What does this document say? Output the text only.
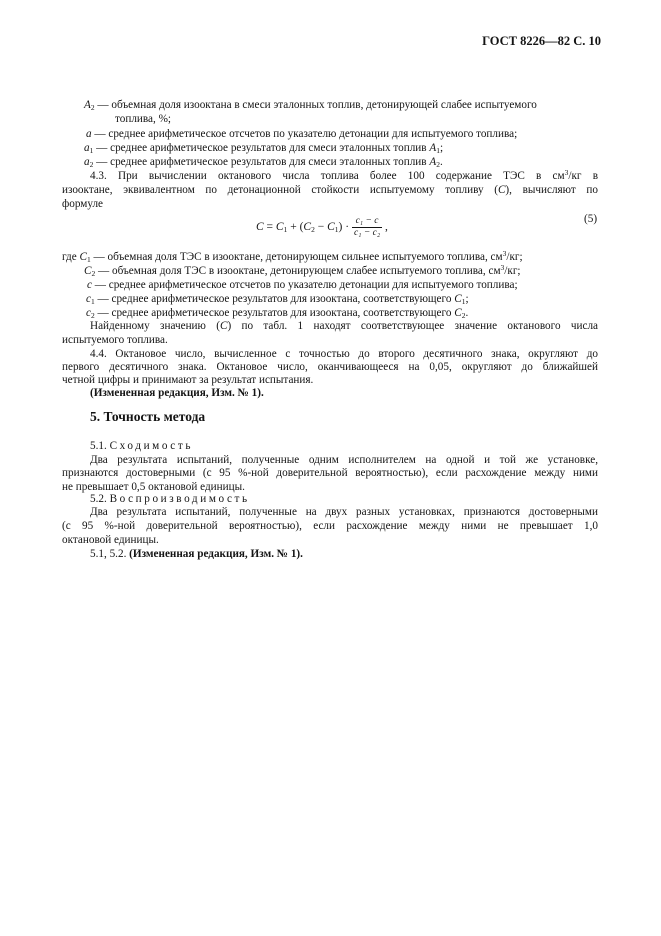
ГОСТ 8226—82 С. 10
$A_2$ — объемная доля изооктана в смеси эталонных топлив, детонирующей слабее испытуемого
топлива, %;
a — среднее арифметическое отсчетов по указателю детонации для испытуемого топлива;
$a_1$ — среднее арифметическое результатов для смеси эталонных топлив $A_1$;
$a_2$ — среднее арифметическое результатов для смеси эталонных топлив $A_2$.
4.3. При вычислении октанового числа топлива более 100 содержание ТЭС в $см^3/кг$ в
изооктане, эквивалентном по детонационной стойкости испытуемому топливу (С), вычисляют по
формуле
$C = C_1 + (C_2 - C_1) \cdot \frac{\text{c₁ − c}}{\text{c₁ − c₂}}$ ,
(5)
где $C_1$ — объемная доля ТЭС в изооктане, детонирующем сильнее испытуемого топлива, $см^3/кг$;
$C_2$ — объемная доля ТЭС в изооктане, детонирующем слабее испытуемого топлива, $см^3/кг$;
c — среднее арифметическое отсчетов по указателю детонации для испытуемого топлива;
$c_1$ — среднее арифметическое результатов для изооктана, соответствующего $C_1$;
$c_2$ — среднее арифметическое результатов для изооктана, соответствующего $C_2$.
Найденному значению (С) по табл. 1 находят соответствующее значение октанового числа
испытуемого топлива.
4.4. Октановое число, вычисленное с точностью до второго десятичного знака, округляют до
первого десятичного знака. Октановое число, оканчивающееся на 0,05, округляют до ближайшей
четной цифры и принимают за результат испытания.
(Измененная редакция, Изм. № 1).
5. Точность метода
5.1. Сходимость
Два результата испытаний, полученные одним исполнителем на одной и той же установке,
признаются достоверными (с 95 %-ной доверительной вероятностью), если расхождение между ними
не превышает 0,5 октановой единицы.
5.2. Воспроизводимость
Два результата испытаний, полученные на двух разных установках, признаются достоверными
(с 95 %-ной доверительной вероятностью), если расхождение между ними не превышает 1,0
октановой единицы.
5.1, 5.2. (Измененная редакция, Изм. № 1).
